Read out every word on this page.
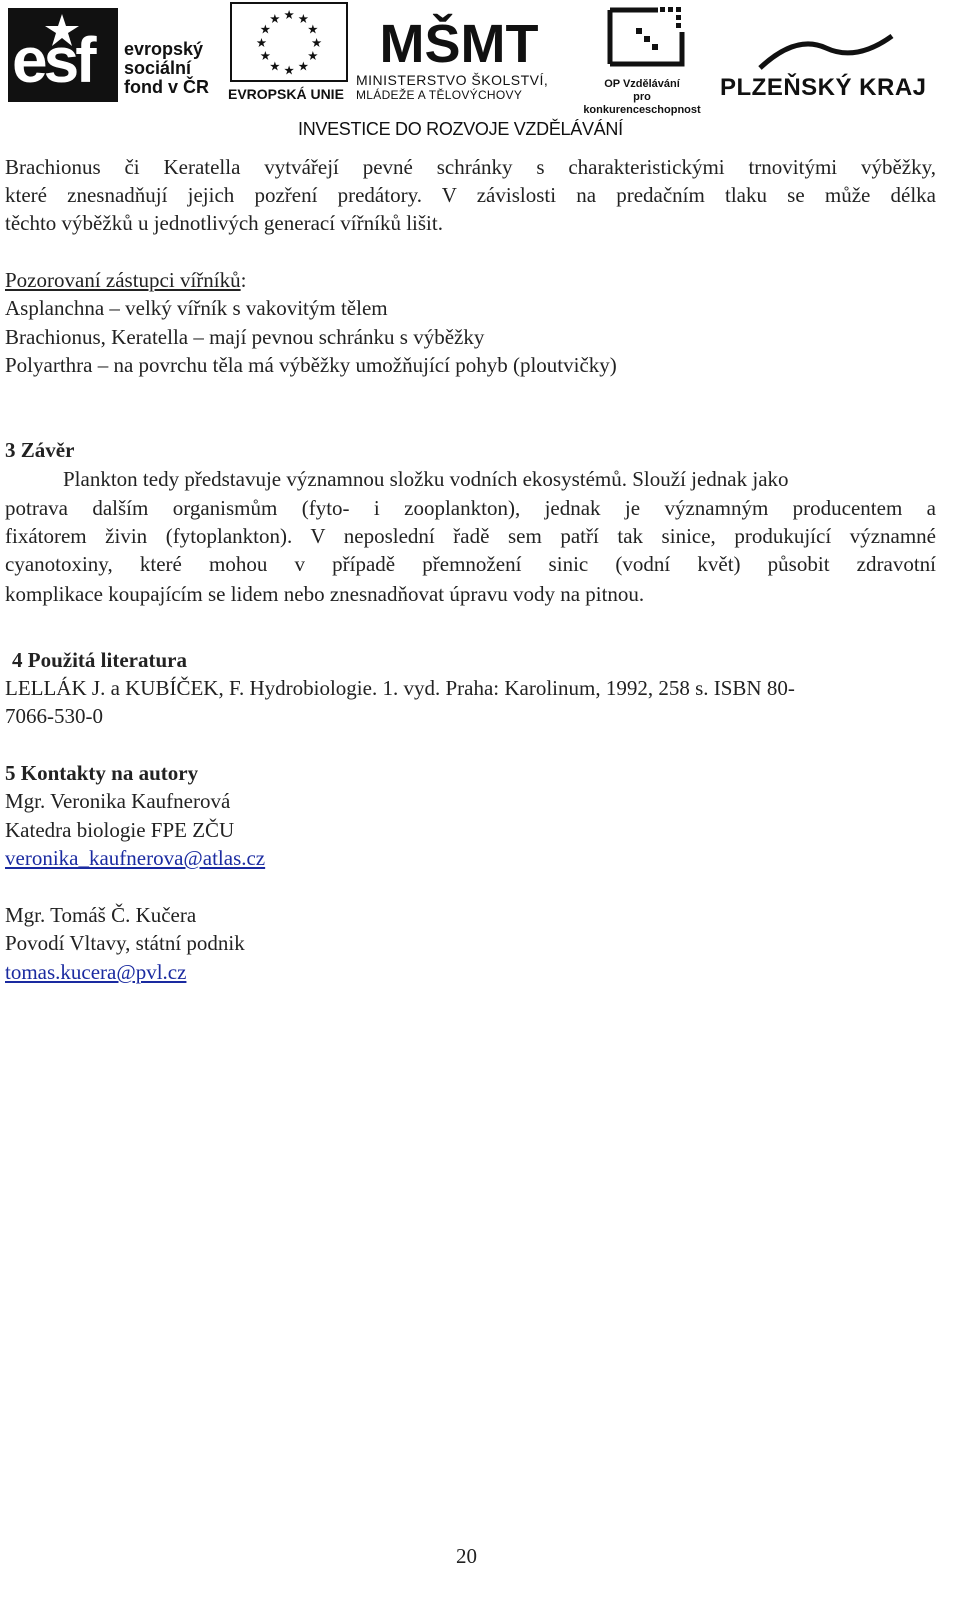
esf evropský
sociální
fond v ČR
★ ★
★
★
★
★
★
★
★
★
★
★
EVROPSKÁ UNIE
MŠMT
MINISTERSTVO ŠKOLSTVÍ,
MLÁDEŽE A TĚLOVÝCHOVY
OP Vzdělávání
pro konkurenceschopnost
PLZEŇSKÝ KRAJ
INVESTICE DO ROZVOJE VZDĚLÁVÁNÍ
Brachionus či Keratella vytvářejí pevné schránky s charakteristickými trnovitými výběžky,
které znesnadňují jejich pozření predátory. V závislosti na predačním tlaku se může délka
těchto výběžků u jednotlivých generací vířníků lišit.
Pozorovaní zástupci vířníků:
Asplanchna – velký vířník s vakovitým tělem
Brachionus, Keratella – mají pevnou schránku s výběžky
Polyarthra – na povrchu těla má výběžky umožňující pohyb (ploutvičky)
3 Závěr
Plankton tedy představuje významnou složku vodních ekosystémů. Slouží jednak jako
potrava dalším organismům (fyto- i zooplankton), jednak je významným producentem a
fixátorem živin (fytoplankton). V neposlední řadě sem patří tak sinice, produkující významné
cyanotoxiny, které mohou v případě přemnožení sinic (vodní květ) působit zdravotní
komplikace koupajícím se lidem nebo znesnadňovat úpravu vody na pitnou.
4 Použitá literatura
LELLÁK J. a KUBÍČEK, F. Hydrobiologie. 1. vyd. Praha: Karolinum, 1992, 258 s. ISBN 80-
7066-530-0
5 Kontakty na autory
Mgr. Veronika Kaufnerová
Katedra biologie FPE ZČU
veronika_kaufnerova@atlas.cz
Mgr. Tomáš Č. Kučera
Povodí Vltavy, státní podnik
tomas.kucera@pvl.cz
20
